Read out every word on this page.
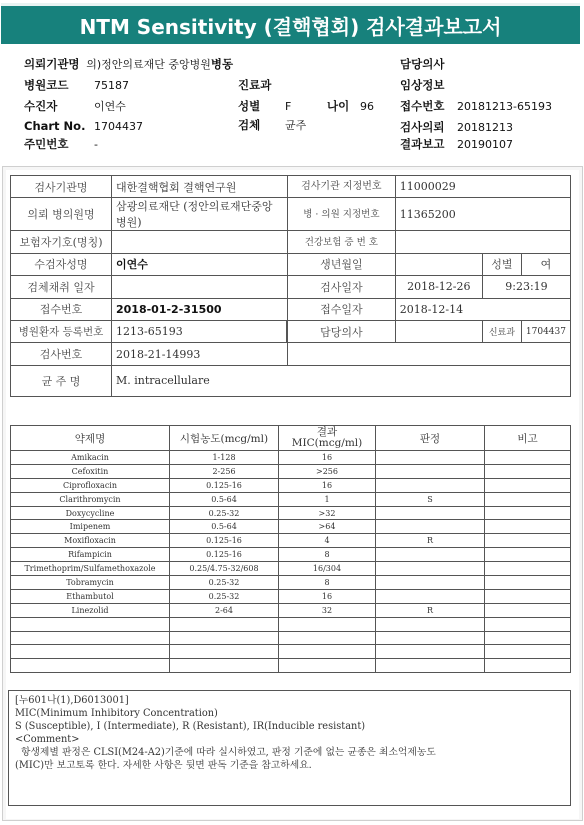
NTM Sensitivity (결핵협회) 검사결과보고서
의뢰기관명 의)정안의료재단 중앙병원병동	담당의사
병원코드 75187	진료과	임상정보
수진자	이연수	성별 F	나이 96 접수번호 20181213-65193
Chart No. 1704437	검체 균주	검사의뢰 20181213
주민번호 -	결과보고 20190107
검사기관명	대한결핵협회 결핵연구원	검사기관 지정번호	11000029		
의뢰 병의원명	삼광의료재단 (정안의료재단중앙병원)	병 · 의원 지정번호	11365200		
보험자기호(명칭)		건강보험 증 번 호			
수검자성명	이연수	생년월일		성별	여
검체채취 일자		검사일자	2018-12-26	9:23:19	
접수번호	2018-01-2-31500	접수일자	2018-12-14		
병원환자 등록번호	1213-65193		담당의사		신료과	1704437
검사번호	2018-21-14993				
균 주 명	M. intracellulare				
약제명	시험농도(mcg/ml)	결과
MIC(mcg/ml)	판정	비고
Amikacin	1-128	16		
Cefoxitin	2-256	>256		
Ciprofloxacin	0.125-16	16		
Clarithromycin	0.5-64	1	S	
Doxycycline	0.25-32	>32		
Imipenem	0.5-64	>64		
Moxifloxacin	0.125-16	4	R	
Rifampicin	0.125-16	8		
Trimethoprim/Sulfamethoxazole	0.25/4.75-32/608	16/304		
Tobramycin	0.25-32	8		
Ethambutol	0.25-32	16		
Linezolid	2-64	32	R	

[누601나(1),D6013001]
MIC(Minimum Inhibitory Concentration)
S (Susceptible), I (Intermediate), R (Resistant), IR(Inducible resistant)
<Comment>
항생제별 판정은 CLSI(M24-A2)기준에 따라 실시하였고, 판정 기준에 없는 균종은 최소억제농도
(MIC)만 보고토록 한다. 자세한 사항은 뒷면 판독 기준을 참고하세요.
